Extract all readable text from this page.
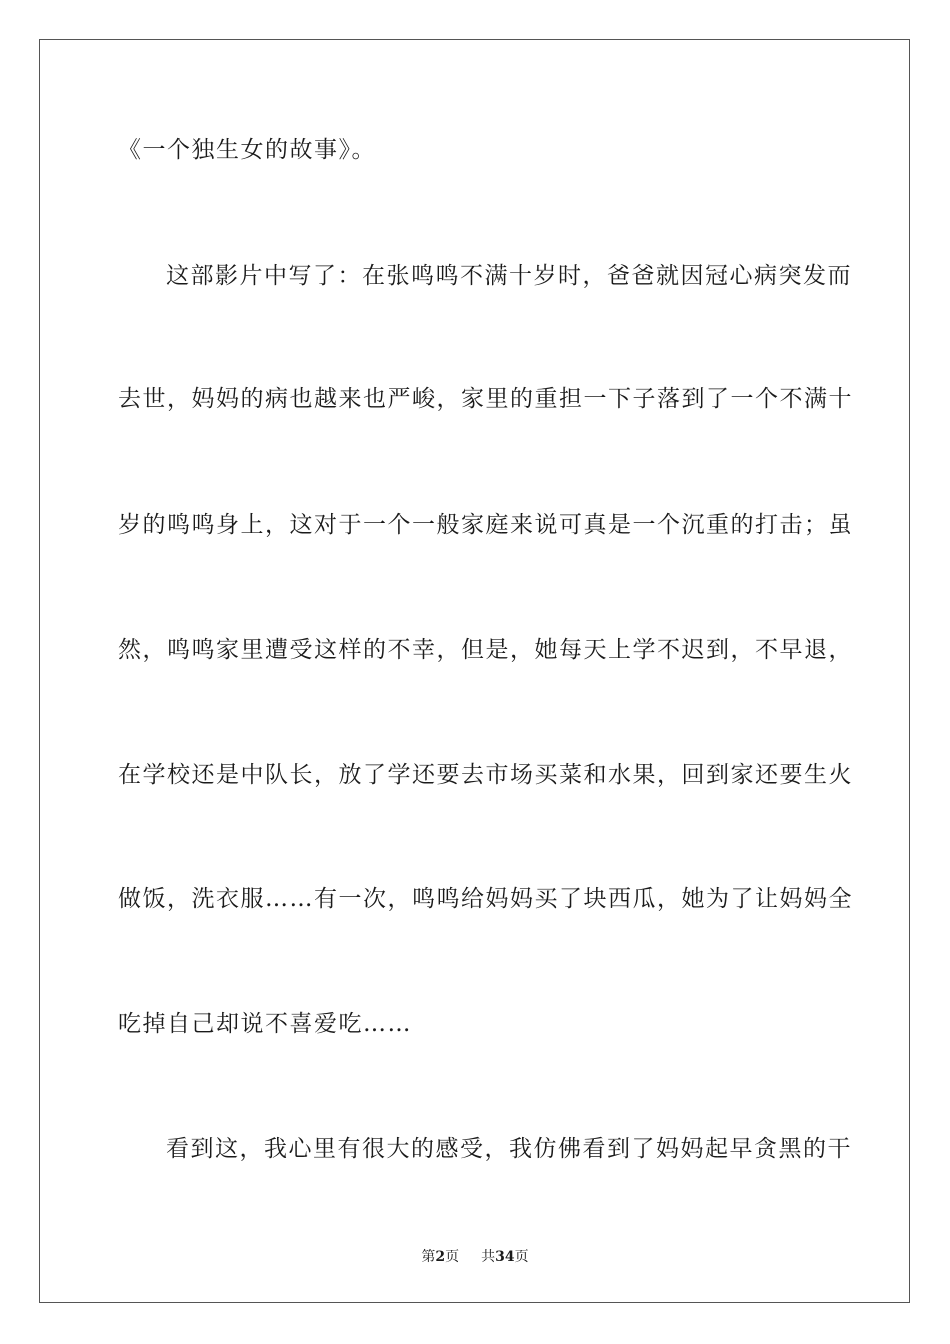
《一个独生女的故事》。
这部影片中写了：在张鸣鸣不满十岁时，爸爸就因冠心病突发而
去世，妈妈的病也越来也严峻，家里的重担一下子落到了一个不满十
岁的鸣鸣身上，这对于一个一般家庭来说可真是一个沉重的打击；虽
然，鸣鸣家里遭受这样的不幸，但是，她每天上学不迟到，不早退，
在学校还是中队长，放了学还要去市场买菜和水果，回到家还要生火
做饭，洗衣服……有一次，鸣鸣给妈妈买了块西瓜，她为了让妈妈全
吃掉自己却说不喜爱吃……
看到这，我心里有很大的感受，我仿佛看到了妈妈起早贪黑的干
第2页 共34页
